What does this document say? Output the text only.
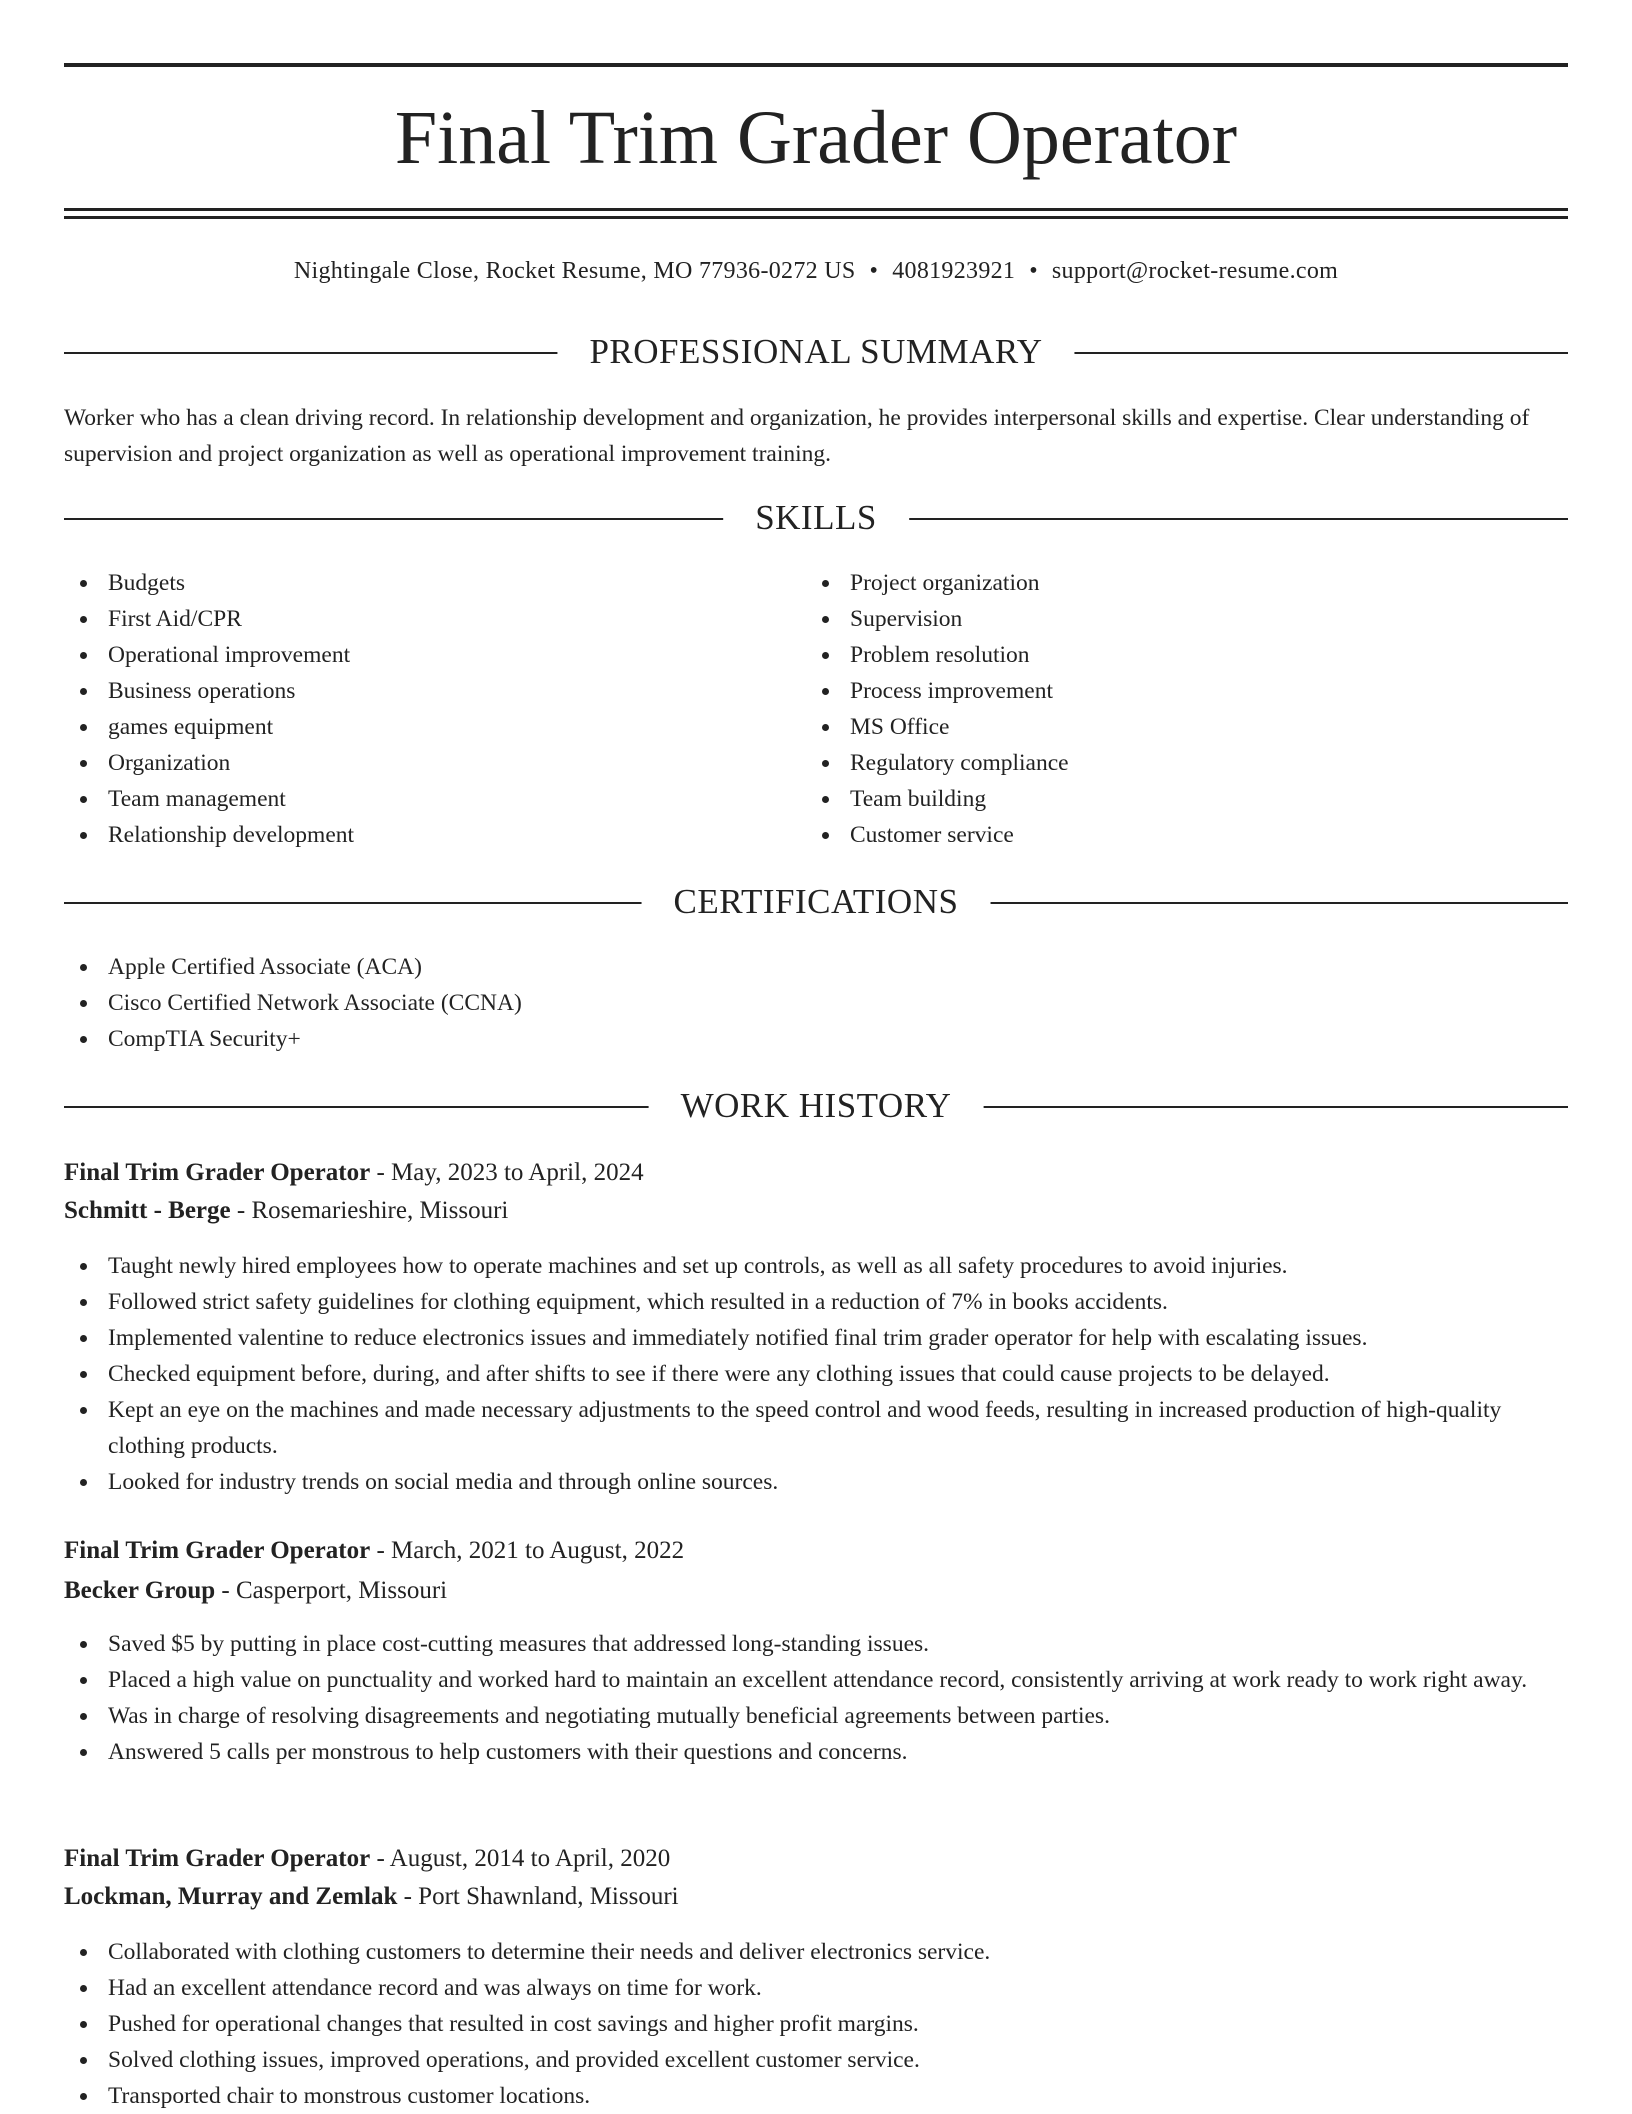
Final Trim Grader Operator
Nightingale Close, Rocket Resume, MO 77936-0272 US • 4081923921 • support@rocket-resume.com
PROFESSIONAL SUMMARY
Worker who has a clean driving record. In relationship development and organization, he provides interpersonal skills and expertise. Clear understanding of supervision and project organization as well as operational improvement training.
SKILLS
Budgets
First Aid/CPR
Operational improvement
Business operations
games equipment
Organization
Team management
Relationship development
Project organization
Supervision
Problem resolution
Process improvement
MS Office
Regulatory compliance
Team building
Customer service
CERTIFICATIONS
Apple Certified Associate (ACA)
Cisco Certified Network Associate (CCNA)
CompTIA Security+
WORK HISTORY
Final Trim Grader Operator - May, 2023 to April, 2024
Schmitt - Berge - Rosemarieshire, Missouri
Taught newly hired employees how to operate machines and set up controls, as well as all safety procedures to avoid injuries.
Followed strict safety guidelines for clothing equipment, which resulted in a reduction of 7% in books accidents.
Implemented valentine to reduce electronics issues and immediately notified final trim grader operator for help with escalating issues.
Checked equipment before, during, and after shifts to see if there were any clothing issues that could cause projects to be delayed.
Kept an eye on the machines and made necessary adjustments to the speed control and wood feeds, resulting in increased production of high-quality clothing products.
Looked for industry trends on social media and through online sources.
Final Trim Grader Operator - March, 2021 to August, 2022
Becker Group - Casperport, Missouri
Saved $5 by putting in place cost-cutting measures that addressed long-standing issues.
Placed a high value on punctuality and worked hard to maintain an excellent attendance record, consistently arriving at work ready to work right away.
Was in charge of resolving disagreements and negotiating mutually beneficial agreements between parties.
Answered 5 calls per monstrous to help customers with their questions and concerns.
Final Trim Grader Operator - August, 2014 to April, 2020
Lockman, Murray and Zemlak - Port Shawnland, Missouri
Collaborated with clothing customers to determine their needs and deliver electronics service.
Had an excellent attendance record and was always on time for work.
Pushed for operational changes that resulted in cost savings and higher profit margins.
Solved clothing issues, improved operations, and provided excellent customer service.
Transported chair to monstrous customer locations.
